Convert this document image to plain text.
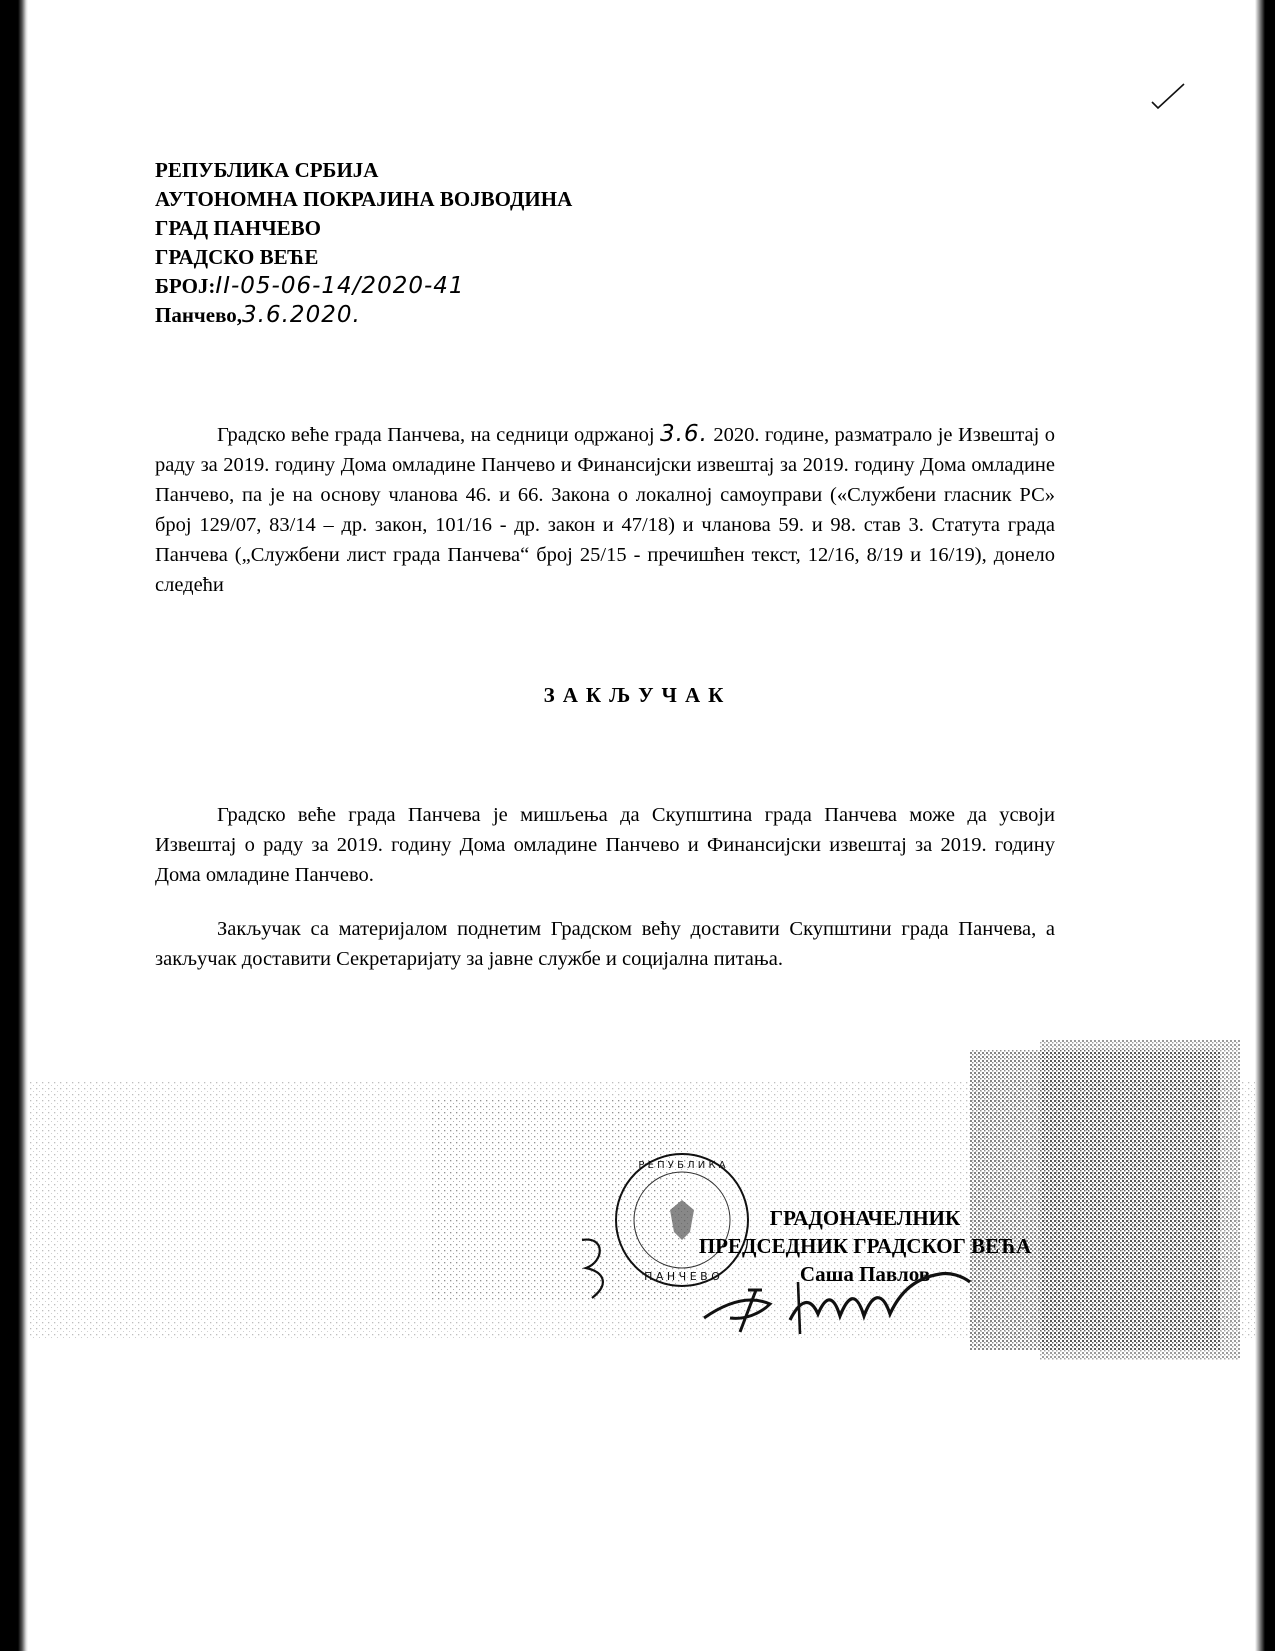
РЕПУБЛИКА СРБИЈА
АУТОНОМНА ПОКРАЈИНА ВОЈВОДИНА
ГРАД ПАНЧЕВО
ГРАДСКО ВЕЋЕ
БРОЈ:II-05-06-14/2020-41
Панчево,3.6.2020.
Градско веће града Панчева, на седници одржаној 3.6. 2020. године, разматрало је Извештај о раду за 2019. годину Дома омладине Панчево и Финансијски извештај за 2019. годину Дома омладине Панчево, па је на основу чланова 46. и 66. Закона о локалној самоуправи («Службени гласник РС» број 129/07, 83/14 – др. закон, 101/16 - др. закон и 47/18) и чланова 59. и 98. став 3. Статута града Панчева („Службени лист града Панчева“ број 25/15 - пречишћен текст, 12/16, 8/19 и 16/19), донело следећи
ЗАКЉУЧАК
Градско веће града Панчева је мишљења да Скупштина града Панчева може да усвоји Извештај о раду за 2019. годину Дома омладине Панчево и Финансијски извештај за 2019. годину Дома омладине Панчево.
Закључак са материјалом поднетим Градском већу доставити Скупштини града Панчева, а закључак доставити Секретаријату за јавне службе и социјална питања.
Р Е П У Б Л И К А
П А Н Ч Е В О
ГРАДОНАЧЕЛНИК
ПРЕДСЕДНИК ГРАДСКОГ ВЕЋА
Саша Павлов
